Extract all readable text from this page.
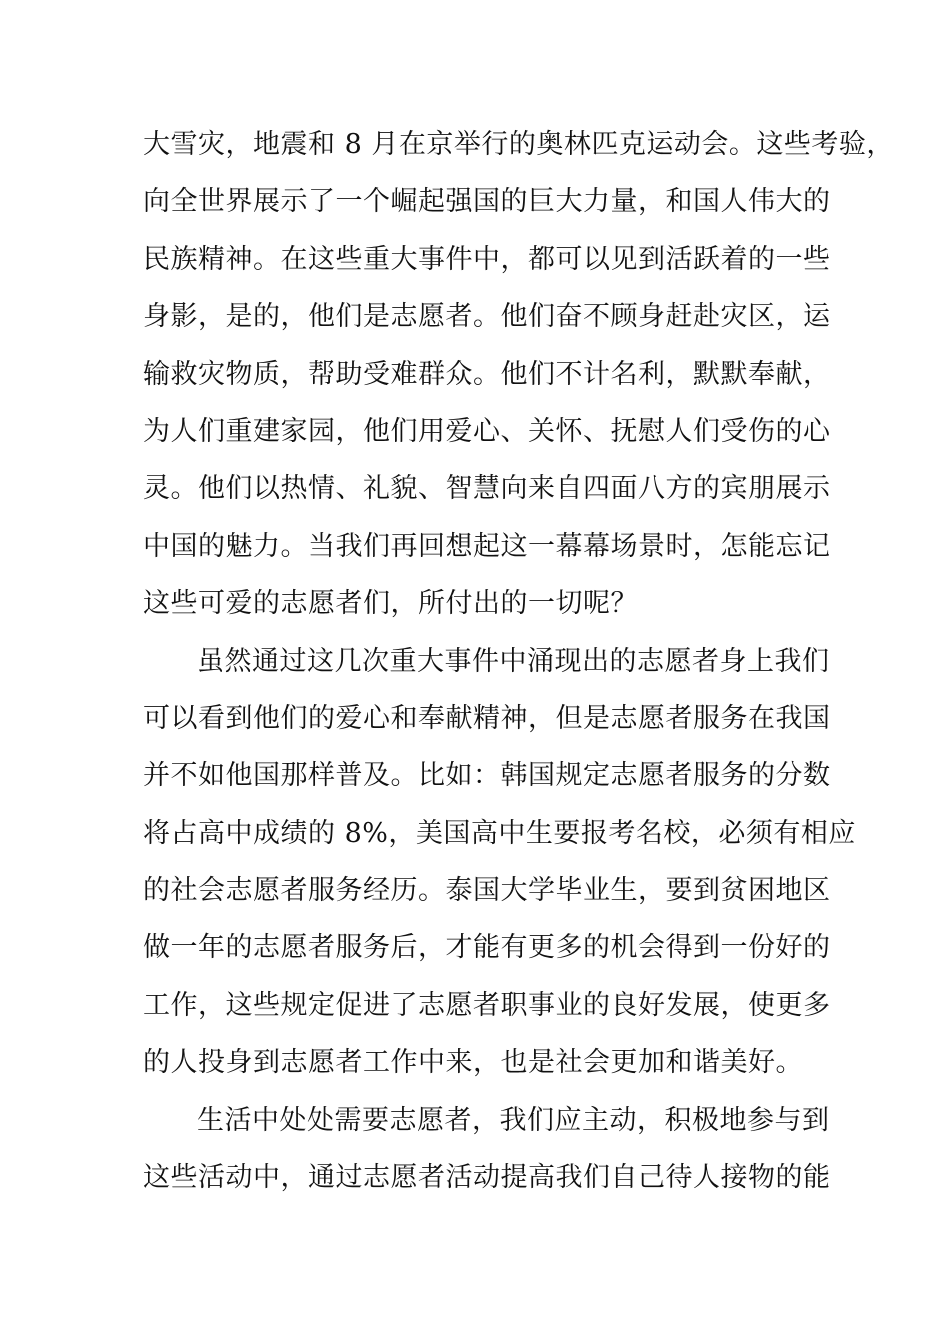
大雪灾，地震和 8 月在京举行的奥林匹克运动会。这些考验，
向全世界展示了一个崛起强国的巨大力量，和国人伟大的
民族精神。在这些重大事件中，都可以见到活跃着的一些
身影，是的，他们是志愿者。他们奋不顾身赶赴灾区，运
输救灾物质，帮助受难群众。他们不计名利，默默奉献，
为人们重建家园，他们用爱心、关怀、抚慰人们受伤的心
灵。他们以热情、礼貌、智慧向来自四面八方的宾朋展示
中国的魅力。当我们再回想起这一幕幕场景时，怎能忘记
这些可爱的志愿者们，所付出的一切呢？
虽然通过这几次重大事件中涌现出的志愿者身上我们
可以看到他们的爱心和奉献精神，但是志愿者服务在我国
并不如他国那样普及。比如：韩国规定志愿者服务的分数
将占高中成绩的 8%，美国高中生要报考名校，必须有相应
的社会志愿者服务经历。泰国大学毕业生，要到贫困地区
做一年的志愿者服务后，才能有更多的机会得到一份好的
工作，这些规定促进了志愿者职事业的良好发展，使更多
的人投身到志愿者工作中来，也是社会更加和谐美好。
生活中处处需要志愿者，我们应主动，积极地参与到
这些活动中，通过志愿者活动提高我们自己待人接物的能
